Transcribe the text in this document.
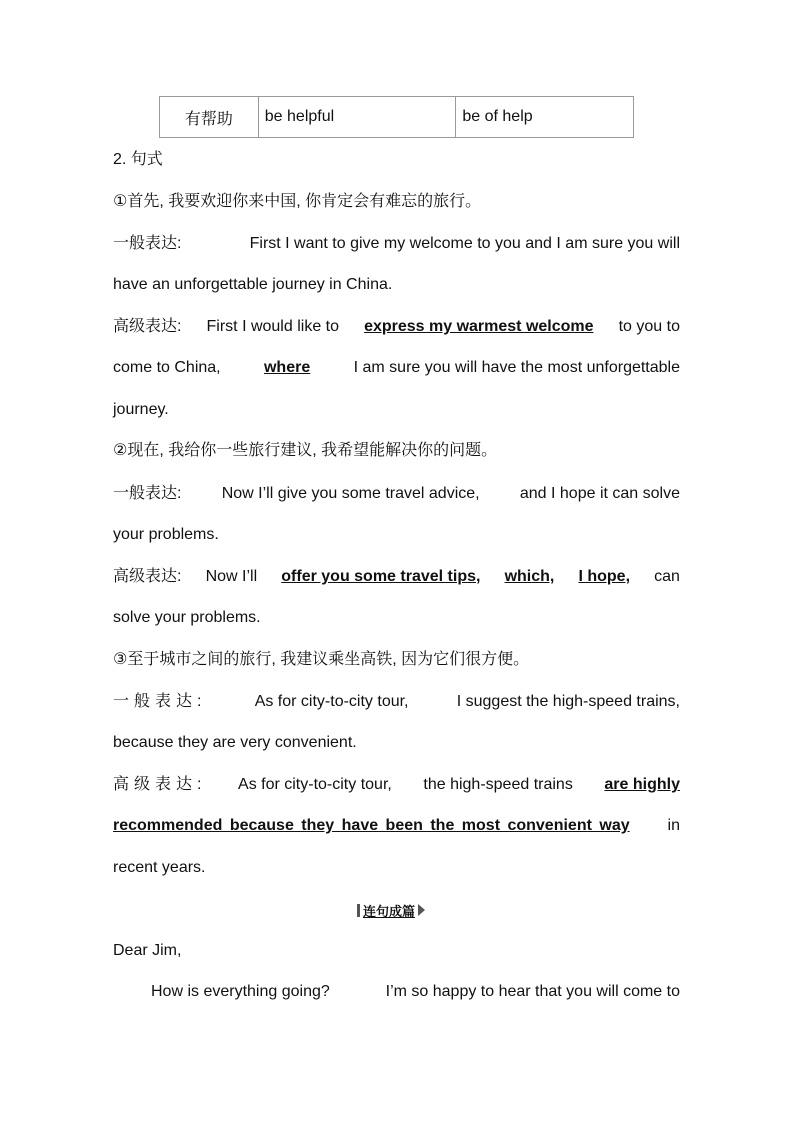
有帮助	be helpful	be of help
2. 句式
①首先, 我要欢迎你来中国, 你肯定会有难忘的旅行。
一般表达:	First I want to give my welcome to you and I am sure you will
have an unforgettable journey in China.
高级表达: First I would like to express my warmest welcome to you to
come to China,	where	I am sure you will have the most unforgettable
journey.
②现在, 我给你一些旅行建议, 我希望能解决你的问题。
一般表达:	Now I’ll give you some travel advice,	and I hope it can solve
your problems.
高级表达: Now I’ll offer you some travel tips, which, I hope, can
solve your problems.
③至于城市之间的旅行, 我建议乘坐高铁, 因为它们很方便。
一般表达:	As for city-to-city tour,	I suggest the high-speed trains,
because they are very convenient.
高级表达: As for city-to-city tour, the high-speed trains are highly
recommended because they have been the most convenient way in
recent years.
连句成篇
Dear Jim,
How is everything going?	I’m so happy to hear that you will come to
